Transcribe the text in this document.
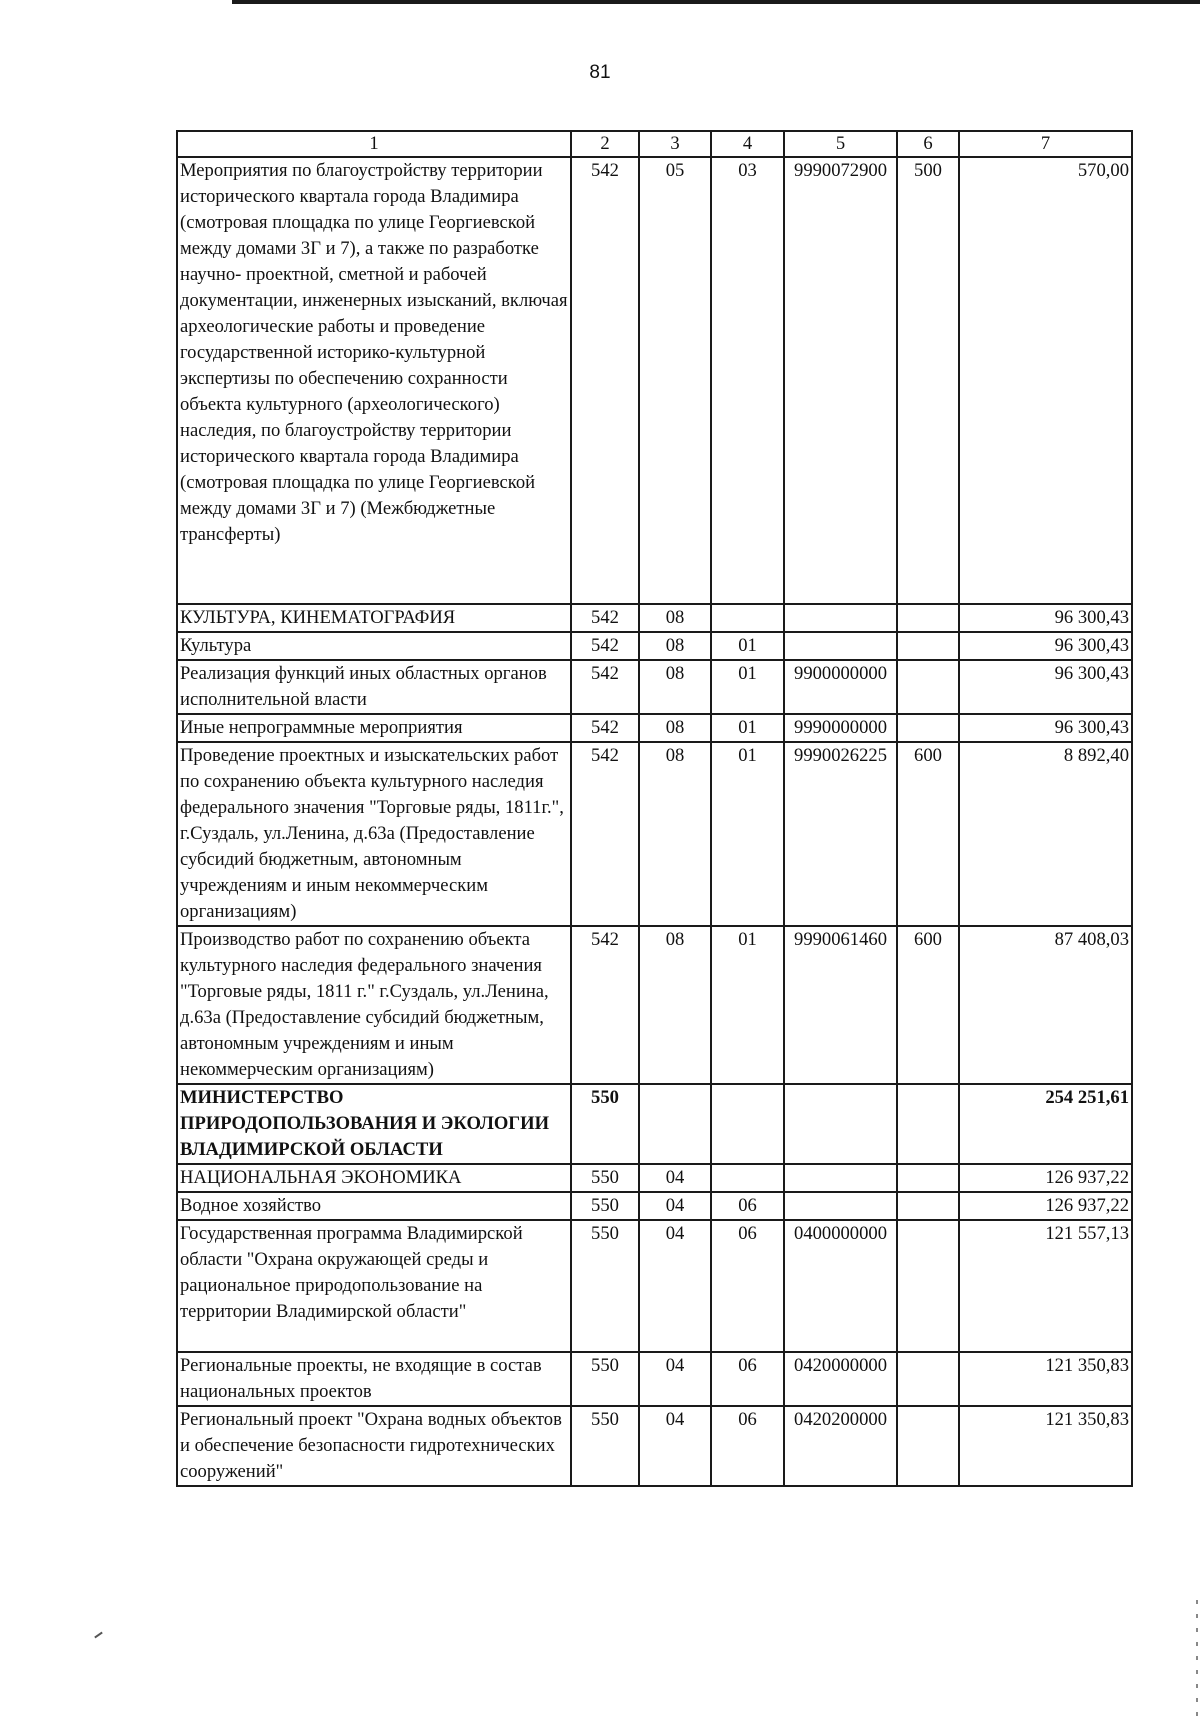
81
1	2	3	4	5	6	7
Мероприятия по благоустройству территории исторического квартала города Владимира (смотровая площадка по улице Георгиевской между домами 3Г и 7), а также по разработке научно- проектной, сметной и рабочей документации, инженерных изысканий, включая археологические работы и проведение государственной историко-культурной экспертизы по обеспечению сохранности объекта культурного (археологического) наследия, по благоустройству территории исторического квартала города Владимира (смотровая площадка по улице Георгиевской между домами 3Г и 7) (Межбюджетные трансферты)	542	05	03	9990072900	500	570,00
КУЛЬТУРА, КИНЕМАТОГРАФИЯ	542	08				96 300,43
Культура	542	08	01			96 300,43
Реализация функций иных областных органов исполнительной власти	542	08	01	9900000000		96 300,43
Иные непрограммные мероприятия	542	08	01	9990000000		96 300,43
Проведение проектных и изыскательских работ по сохранению объекта культурного наследия федерального значения "Торговые ряды, 1811г.", г.Суздаль, ул.Ленина, д.63а (Предоставление субсидий бюджетным, автономным учреждениям и иным некоммерческим организациям)	542	08	01	9990026225	600	8 892,40
Производство работ по сохранению объекта культурного наследия федерального значения "Торговые ряды, 1811 г." г.Суздаль, ул.Ленина, д.63а (Предоставление субсидий бюджетным, автономным учреждениям и иным некоммерческим организациям)	542	08	01	9990061460	600	87 408,03
МИНИСТЕРСТВО ПРИРОДОПОЛЬЗОВАНИЯ И ЭКОЛОГИИ ВЛАДИМИРСКОЙ ОБЛАСТИ	550					254 251,61
НАЦИОНАЛЬНАЯ ЭКОНОМИКА	550	04				126 937,22
Водное хозяйство	550	04	06			126 937,22
Государственная программа Владимирской области "Охрана окружающей среды и рациональное природопользование на территории Владимирской области"	550	04	06	0400000000		121 557,13
Региональные проекты, не входящие в состав национальных проектов	550	04	06	0420000000		121 350,83
Региональный проект "Охрана водных объектов и обеспечение безопасности гидротехнических сооружений"	550	04	06	0420200000		121 350,83
